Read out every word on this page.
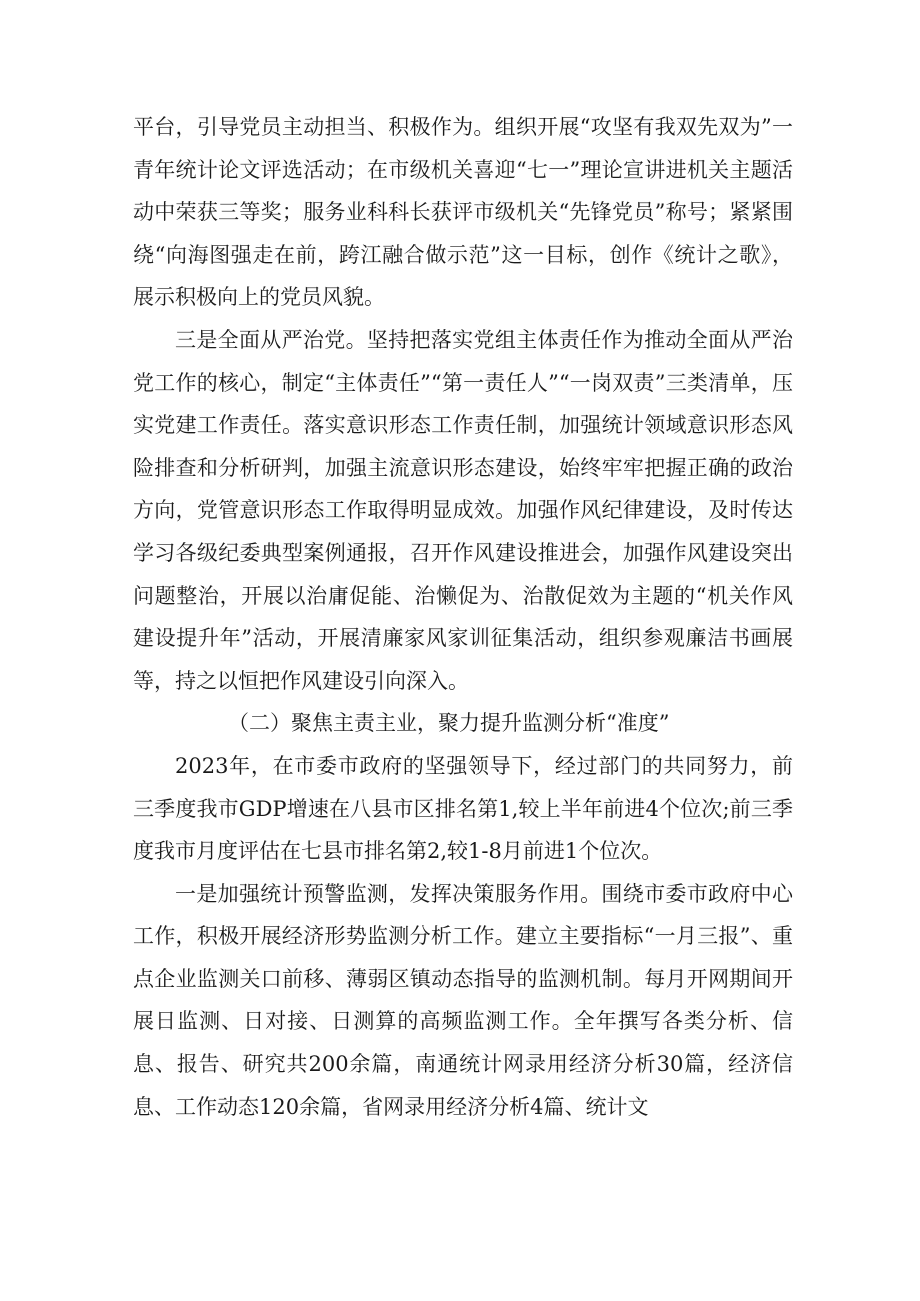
平台，引导党员主动担当、积极作为。组织开展“攻坚有我双先双为”一青年统计论文评选活动；在市级机关喜迎“七一”理论宣讲进机关主题活动中荣获三等奖；服务业科科长获评市级机关“先锋党员”称号；紧紧围绕“向海图强走在前，跨江融合做示范”这一目标，创作《统计之歌》，展示积极向上的党员风貌。

三是全面从严治党。坚持把落实党组主体责任作为推动全面从严治党工作的核心，制定“主体责任”“第一责任人”“一岗双责”三类清单，压实党建工作责任。落实意识形态工作责任制，加强统计领域意识形态风险排查和分析研判，加强主流意识形态建设，始终牢牢把握正确的政治方向，党管意识形态工作取得明显成效。加强作风纪律建设，及时传达学习各级纪委典型案例通报，召开作风建设推进会，加强作风建设突出问题整治，开展以治庸促能、治懒促为、治散促效为主题的“机关作风建设提升年”活动，开展清廉家风家训征集活动，组织参观廉洁书画展等，持之以恒把作风建设引向深入。

（二）聚焦主责主业，聚力提升监测分析“准度”

2023年，在市委市政府的坚强领导下，经过部门的共同努力，前三季度我市GDP增速在八县市区排名第1,较上半年前进4个位次;前三季度我市月度评估在七县市排名第2,较1-8月前进1个位次。

一是加强统计预警监测，发挥决策服务作用。围绕市委市政府中心工作，积极开展经济形势监测分析工作。建立主要指标“一月三报”、重点企业监测关口前移、薄弱区镇动态指导的监测机制。每月开网期间开展日监测、日对接、日测算的高频监测工作。全年撰写各类分析、信息、报告、研究共200余篇，南通统计网录用经济分析30篇，经济信息、工作动态120余篇，省网录用经济分析4篇、统计文
